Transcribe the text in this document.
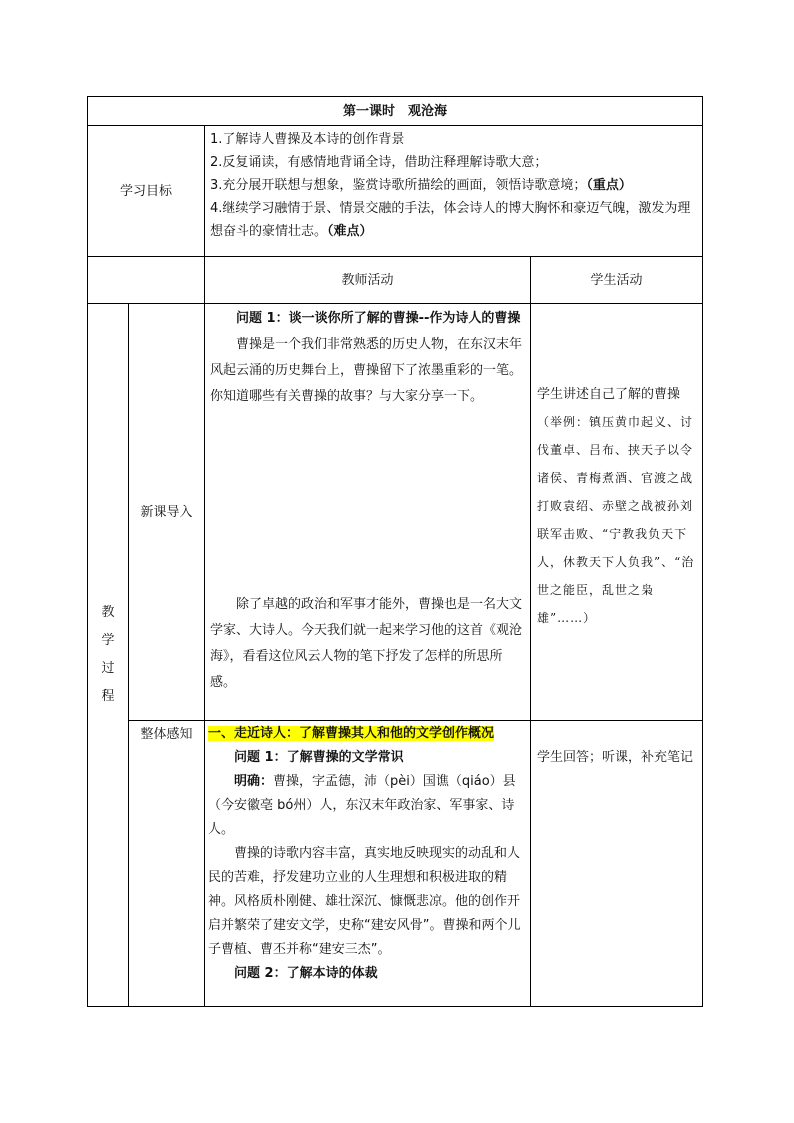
第一课时　观沧海
学习目标

1.了解诗人曹操及本诗的创作背景

2.反复诵读，有感情地背诵全诗，借助注释理解诗歌大意；

3.充分展开联想与想象，鉴赏诗歌所描绘的画面，领悟诗歌意境；（重点）

4.继续学习融情于景、情景交融的手法，体会诗人的博大胸怀和豪迈气魄，激发为理想奋斗的豪情壮志。（难点）

教师活动	学生活动
教
学
过
程
新课导入

问题 1：谈一谈你所了解的曹操--作为诗人的曹操

曹操是一个我们非常熟悉的历史人物，在东汉末年风起云涌的历史舞台上，曹操留下了浓墨重彩的一笔。你知道哪些有关曹操的故事？与大家分享一下。

除了卓越的政治和军事才能外，曹操也是一名大文学家、大诗人。今天我们就一起来学习他的这首《观沧海》，看看这位风云人物的笔下抒发了怎样的所思所感。

学生讲述自己了解的曹操

（举例：镇压黄巾起义、讨伐董卓、吕布、挟天子以令诸侯、青梅煮酒、官渡之战打败袁绍、赤壁之战被孙刘联军击败、“宁教我负天下人，休教天下人负我”、“治世之能臣，乱世之枭雄”……）

整体感知	一、走近诗人：了解曹操其人和他的文学创作概况

问题 1：了解曹操的文学常识

明确：曹操，字孟德，沛（pèi）国谯（qiáo）县（今安徽亳 bó州）人，东汉末年政治家、军事家、诗人。

曹操的诗歌内容丰富，真实地反映现实的动乱和人民的苦难，抒发建功立业的人生理想和积极进取的精神。风格质朴刚健、雄壮深沉、慷慨悲凉。他的创作开启并繁荣了建安文学，史称“建安风骨”。曹操和两个儿子曹植、曹丕并称“建安三杰”。

问题 2：了解本诗的体裁

学生回答；听课，补充笔记
